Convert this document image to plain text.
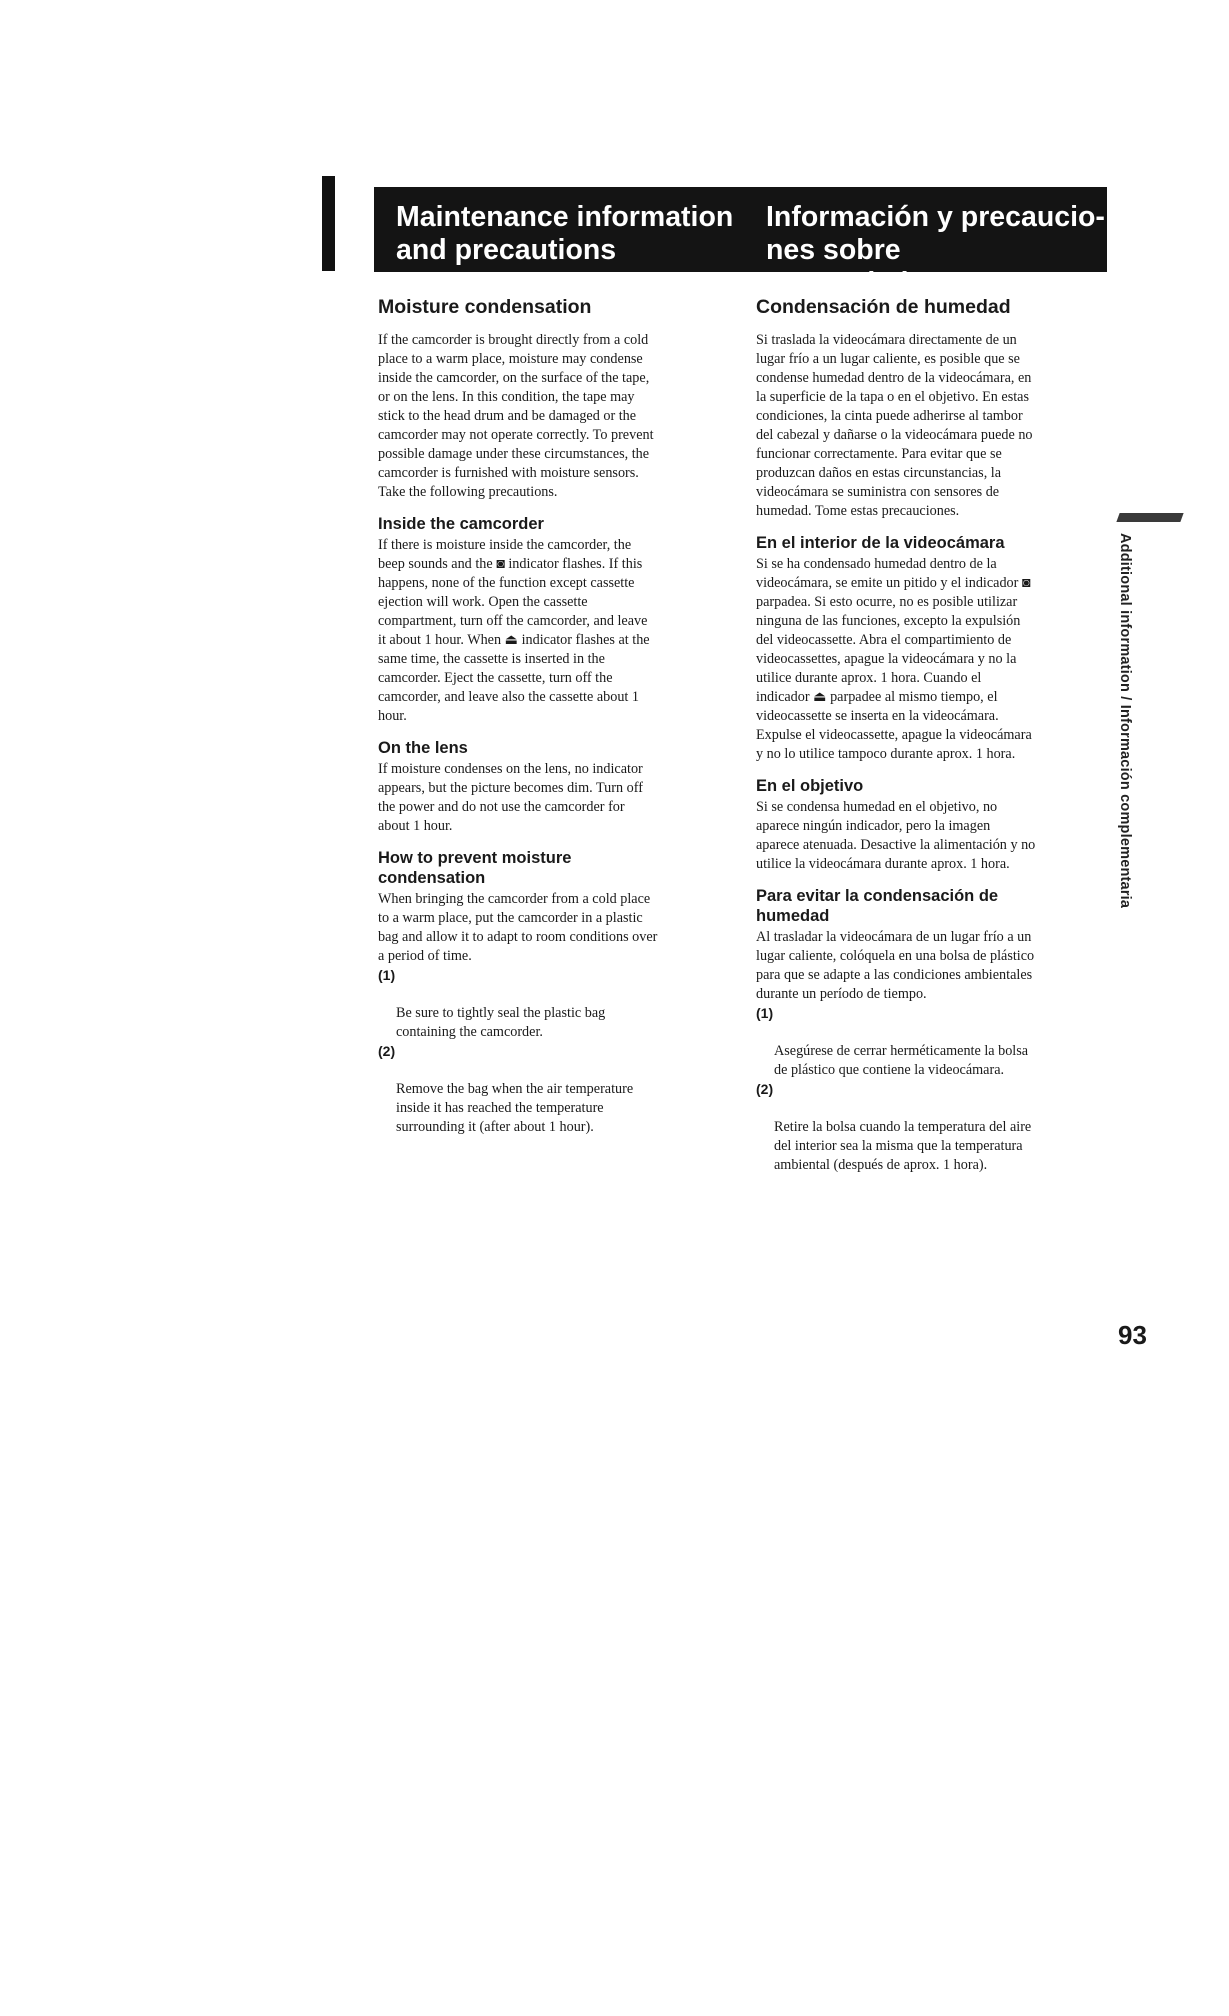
Maintenance information
and precautions
Información y precaucio-
nes sobre mantenimiento
Moisture condensation

If the camcorder is brought directly from a cold
place to a warm place, moisture may condense
inside the camcorder, on the surface of the tape,
or on the lens. In this condition, the tape may
stick to the head drum and be damaged or the
camcorder may not operate correctly. To prevent
possible damage under these circumstances, the
camcorder is furnished with moisture sensors.
Take the following precautions.

Inside the camcorder

If there is moisture inside the camcorder, the
beep sounds and the ◙ indicator flashes. If this
happens, none of the function except cassette
ejection will work. Open the cassette
compartment, turn off the camcorder, and leave
it about 1 hour. When ⏏ indicator flashes at the
same time, the cassette is inserted in the
camcorder. Eject the cassette, turn off the
camcorder, and leave also the cassette about 1
hour.

On the lens

If moisture condenses on the lens, no indicator
appears, but the picture becomes dim. Turn off
the power and do not use the camcorder for
about 1 hour.

How to prevent moisture
condensation

When bringing the camcorder from a cold place
to a warm place, put the camcorder in a plastic
bag and allow it to adapt to room conditions over
a period of time.

(1)

Be sure to tightly seal the plastic bag
containing the camcorder.

(2)

Remove the bag when the air temperature
inside it has reached the temperature
surrounding it (after about 1 hour).

Condensación de humedad

Si traslada la videocámara directamente de un
lugar frío a un lugar caliente, es posible que se
condense humedad dentro de la videocámara, en
la superficie de la tapa o en el objetivo. En estas
condiciones, la cinta puede adherirse al tambor
del cabezal y dañarse o la videocámara puede no
funcionar correctamente. Para evitar que se
produzcan daños en estas circunstancias, la
videocámara se suministra con sensores de
humedad. Tome estas precauciones.

En el interior de la videocámara

Si se ha condensado humedad dentro de la
videocámara, se emite un pitido y el indicador ◙
parpadea. Si esto ocurre, no es posible utilizar
ninguna de las funciones, excepto la expulsión
del videocassette. Abra el compartimiento de
videocassettes, apague la videocámara y no la
utilice durante aprox. 1 hora. Cuando el
indicador ⏏ parpadee al mismo tiempo, el
videocassette se inserta en la videocámara.
Expulse el videocassette, apague la videocámara
y no lo utilice tampoco durante aprox. 1 hora.

En el objetivo

Si se condensa humedad en el objetivo, no
aparece ningún indicador, pero la imagen
aparece atenuada. Desactive la alimentación y no
utilice la videocámara durante aprox. 1 hora.

Para evitar la condensación de
humedad

Al trasladar la videocámara de un lugar frío a un
lugar caliente, colóquela en una bolsa de plástico
para que se adapte a las condiciones ambientales
durante un período de tiempo.

(1)

Asegúrese de cerrar herméticamente la bolsa
de plástico que contiene la videocámara.

(2)

Retire la bolsa cuando la temperatura del aire
del interior sea la misma que la temperatura
ambiental (después de aprox. 1 hora).

Additional information / Información complementaria
93
